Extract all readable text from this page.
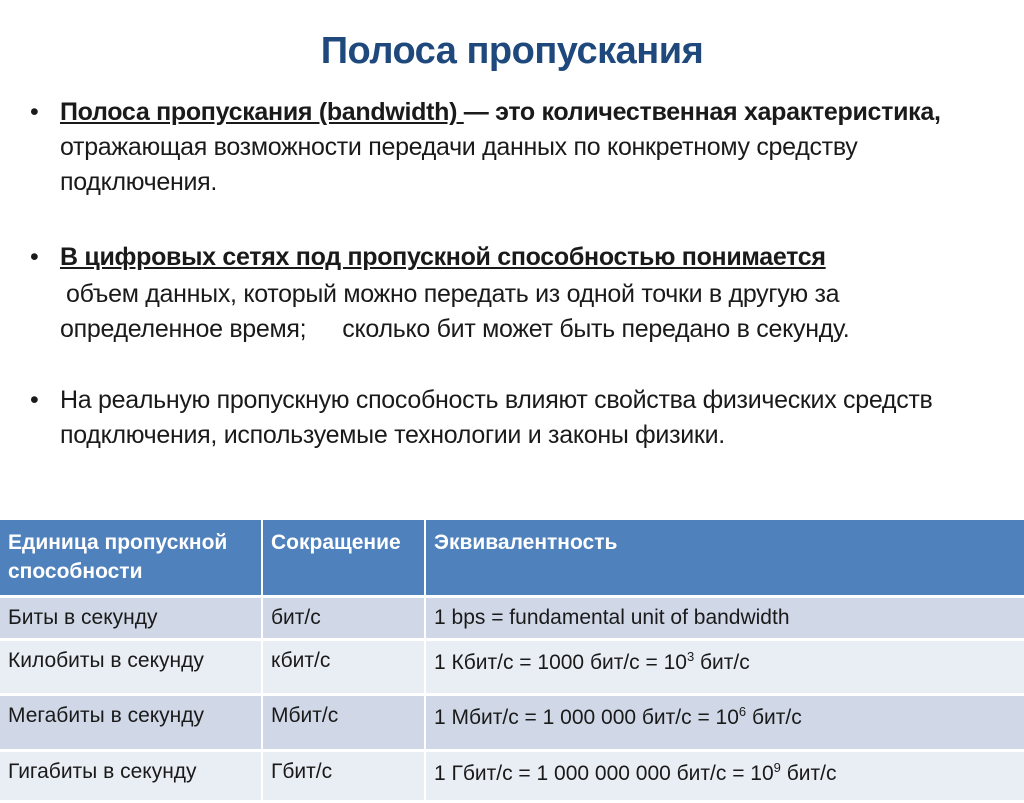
Полоса пропускания
• Полоса пропускания (bandwidth) — это количественная характеристика, отражающая возможности передачи данных по конкретному средству подключения.
• В цифровых сетях под пропускной способностью понимается
объем данных, который можно передать из одной точки в другую за
определенное время; сколько бит может быть передано в секунду.
• На реальную пропускную способность влияют свойства физических средств подключения, используемые технологии и законы физики.
Единица пропускной способности	Сокращение	Эквивалентность
Биты в секунду	бит/с	1 bps = fundamental unit of bandwidth
Килобиты в секунду	кбит/с	1 Кбит/с = 1000 $бит/с = 10^3$ бит/с
Мегабиты в секунду	Мбит/с	1 Мбит/с = 1 000 000 $бит/с = 10^6$ бит/с
Гигабиты в секунду	Гбит/с	1 Гбит/с = 1 000 000 000 $бит/с = 10^9$ бит/с
